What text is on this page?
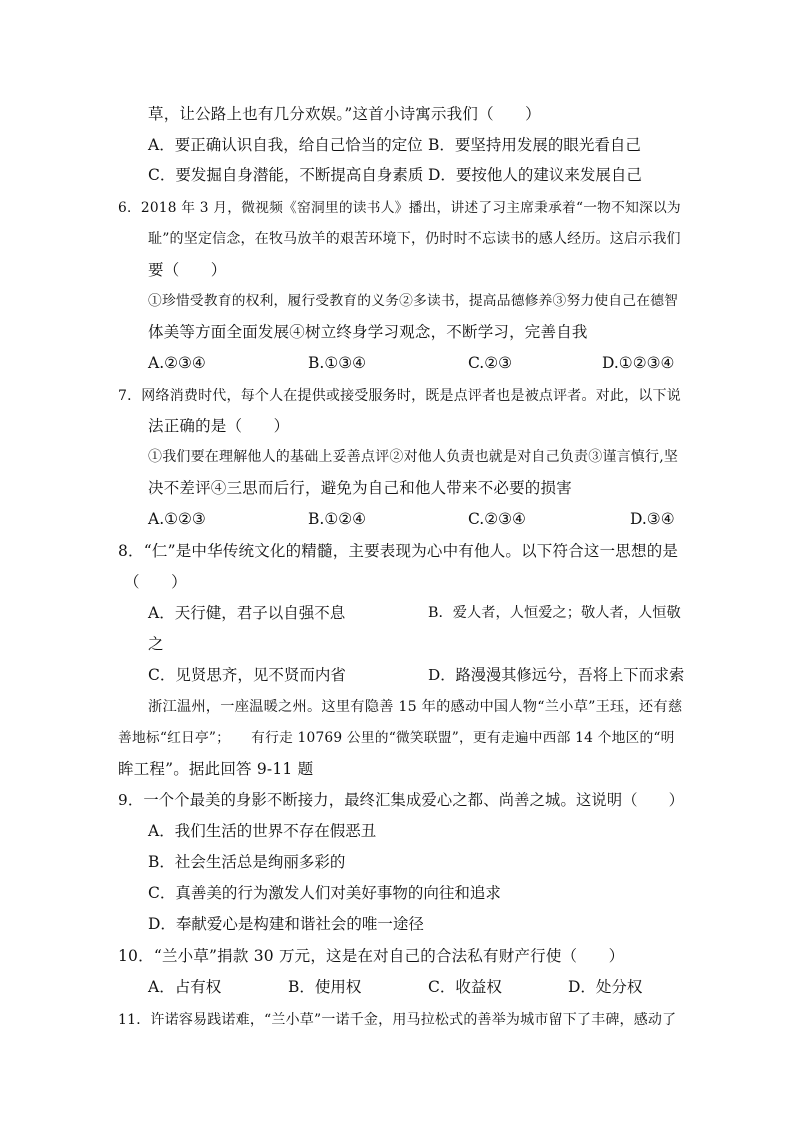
草，让公路上也有几分欢娱。”这首小诗寓示我们（　　）
A．要正确认识自我，给自己恰当的定位 B．要坚持用发展的眼光看自己
C．要发掘自身潜能，不断提高自身素质 D．要按他人的建议来发展自己
6．2018 年 3 月，微视频《窑洞里的读书人》播出，讲述了习主席秉承着“一物不知深以为
耻”的坚定信念，在牧马放羊的艰苦环境下，仍时时不忘读书的感人经历。这启示我们
要（　　）
①珍惜受教育的权利，履行受教育的义务②多读书，提高品德修养③努力使自己在德智
体美等方面全面发展④树立终身学习观念，不断学习，完善自我
A.②③④	B.①③④	C.②③	D.①②③④
7．网络消费时代，每个人在提供或接受服务时，既是点评者也是被点评者。对此，以下说
法正确的是（　　）
①我们要在理解他人的基础上妥善点评②对他人负责也就是对自己负责③谨言慎行,坚
决不差评④三思而后行，避免为自己和他人带来不必要的损害
A.①②③	B.①②④	C.②③④	D.③④
8．“仁”是中华传统文化的精髓，主要表现为心中有他人。以下符合这一思想的是
（　　）
A．天行健，君子以自强不息	B．爱人者，人恒爱之；敬人者，人恒敬
之
C．见贤思齐，见不贤而内省	D．路漫漫其修远兮，吾将上下而求索
浙江温州，一座温暖之州。这里有隐善 15 年的感动中国人物“兰小草”王珏，还有慈
善地标“红日亭”；　　有行走 10769 公里的“微笑联盟”，更有走遍中西部 14 个地区的“明
眸工程”。据此回答 9-11 题
9．一个个最美的身影不断接力，最终汇集成爱心之都、尚善之城。这说明（　　）
A．我们生活的世界不存在假恶丑
B．社会生活总是绚丽多彩的
C．真善美的行为激发人们对美好事物的向往和追求
D．奉献爱心是构建和谐社会的唯一途径
10．“兰小草”捐款 30 万元，这是在对自己的合法私有财产行使（　　）
A．占有权	B．使用权	C．收益权	D．处分权
11．许诺容易践诺难，“兰小草”一诺千金，用马拉松式的善举为城市留下了丰碑，感动了
